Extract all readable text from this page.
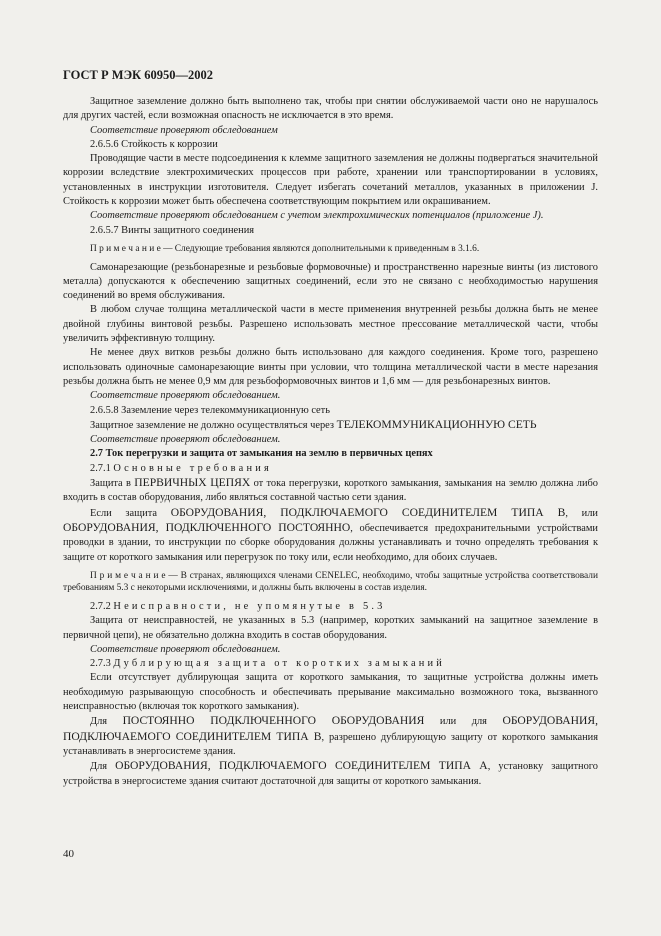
ГОСТ Р МЭК 60950—2002

Защитное заземление должно быть выполнено так, чтобы при снятии обслуживаемой части оно не нарушалось для других частей, если возможная опасность не исключается в это время.

Соответствие проверяют обследованием

2.6.5.6 Стойкость к коррозии

Проводящие части в месте подсоединения к клемме защитного заземления не должны подвергаться значительной коррозии вследствие электрохимических процессов при работе, хранении или транспортировании в условиях, установленных в инструкции изготовителя. Следует избегать сочетаний металлов, указанных в приложении J. Стойкость к коррозии может быть обеспечена соответствующим покрытием или окрашиванием.

Соответствие проверяют обследованием с учетом электрохимических потенциалов (приложение J).

2.6.5.7 Винты защитного соединения

П р и м е ч а н и е — Следующие требования являются дополнительными к приведенным в 3.1.6.

Самонарезающие (резьбонарезные и резьбовые формовочные) и пространственно нарезные винты (из листового металла) допускаются к обеспечению защитных соединений, если это не связано с необходимостью нарушения соединений во время обслуживания.

В любом случае толщина металлической части в месте применения внутренней резьбы должна быть не менее двойной глубины винтовой резьбы. Разрешено использовать местное прессование металлической части, чтобы увеличить эффективную толщину.

Не менее двух витков резьбы должно быть использовано для каждого соединения. Кроме того, разрешено использовать одиночные самонарезающие винты при условии, что толщина металлической части в месте нарезания резьбы должна быть не менее 0,9 мм для резьбоформовочных винтов и 1,6 мм — для резьбонарезных винтов.

Соответствие проверяют обследованием.

2.6.5.8 Заземление через телекоммуникационную сеть

Защитное заземление не должно осуществляться через ТЕЛЕКОММУНИКАЦИОННУЮ СЕТЬ

Соответствие проверяют обследованием.

2.7 Ток перегрузки и защита от замыкания на землю в первичных цепях

2.7.1 Основные требования

Защита в ПЕРВИЧНЫХ ЦЕПЯХ от тока перегрузки, короткого замыкания, замыкания на землю должна либо входить в состав оборудования, либо являться составной частью сети здания.

Если защита ОБОРУДОВАНИЯ, ПОДКЛЮЧАЕМОГО СОЕДИНИТЕЛЕМ ТИПА В, или ОБОРУДОВАНИЯ, ПОДКЛЮЧЕННОГО ПОСТОЯННО, обеспечивается предохранительными устройствами проводки в здании, то инструкции по сборке оборудования должны устанавливать и точно определять требования к защите от короткого замыкания или перегрузок по току или, если необходимо, для обоих случаев.

П р и м е ч а н и е — В странах, являющихся членами CENELEC, необходимо, чтобы защитные устройства соответствовали требованиям 5.3 с некоторыми исключениями, и должны быть включены в состав изделия.

2.7.2 Неисправности, не упомянутые в 5.3

Защита от неисправностей, не указанных в 5.3 (например, коротких замыканий на защитное заземление в первичной цепи), не обязательно должна входить в состав оборудования.

Соответствие проверяют обследованием.

2.7.3 Дублирующая защита от коротких замыканий

Если отсутствует дублирующая защита от короткого замыкания, то защитные устройства должны иметь необходимую разрывающую способность и обеспечивать прерывание максимально возможного тока, вызванного неисправностью (включая ток короткого замыкания).

Для ПОСТОЯННО ПОДКЛЮЧЕННОГО ОБОРУДОВАНИЯ или для ОБОРУДОВАНИЯ, ПОДКЛЮЧАЕМОГО СОЕДИНИТЕЛЕМ ТИПА В, разрешено дублирующую защиту от короткого замыкания устанавливать в энергосистеме здания.

Для ОБОРУДОВАНИЯ, ПОДКЛЮЧАЕМОГО СОЕДИНИТЕЛЕМ ТИПА А, установку защитного устройства в энергосистеме здания считают достаточной для защиты от короткого замыкания.

40
